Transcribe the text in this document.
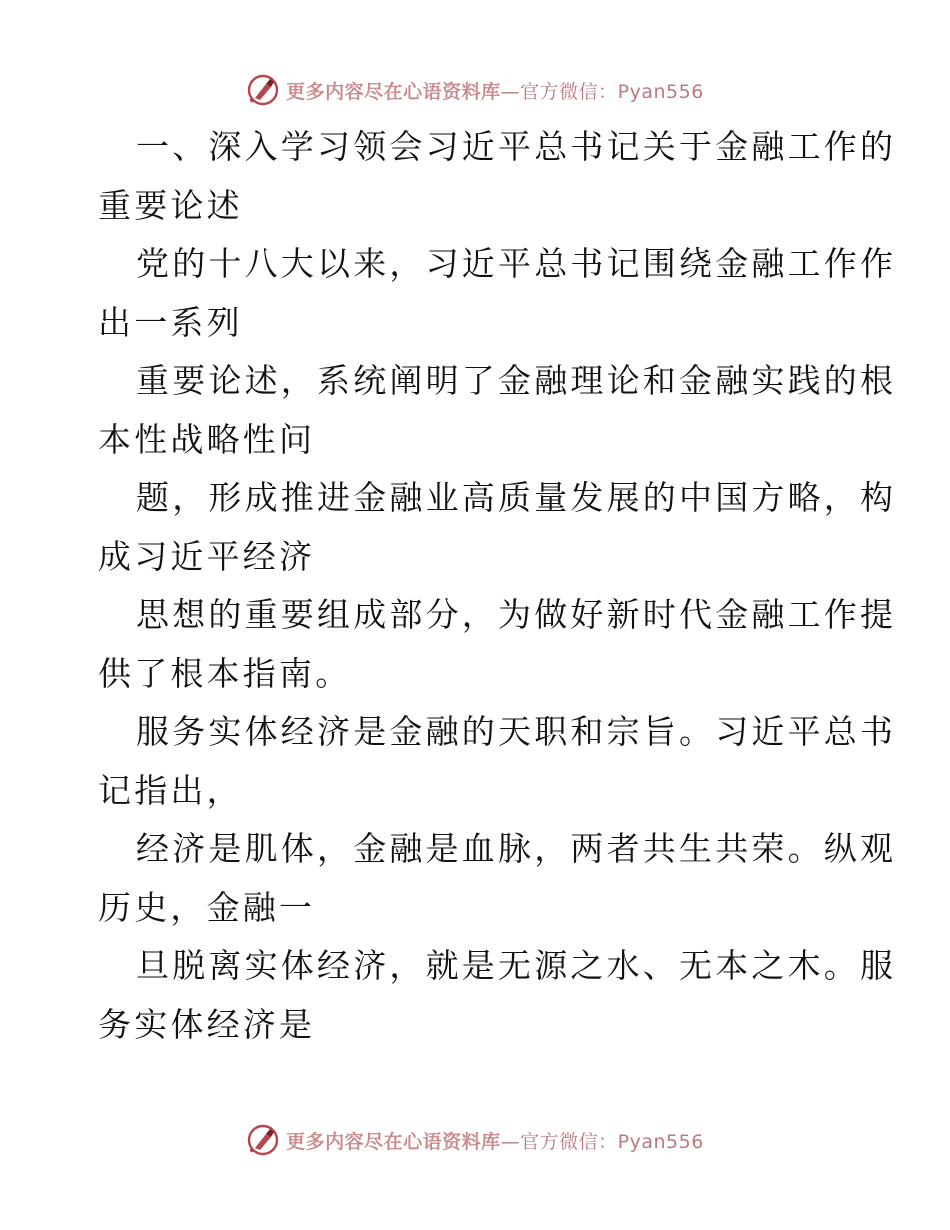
更多内容尽在心语资料库—官方微信：Pyan556

一、深入学习领会习近平总书记关于金融工作的
重要论述

党的十八大以来，习近平总书记围绕金融工作作
出一系列

重要论述，系统阐明了金融理论和金融实践的根
本性战略性问

题，形成推进金融业高质量发展的中国方略，构
成习近平经济

思想的重要组成部分，为做好新时代金融工作提
供了根本指南。

服务实体经济是金融的天职和宗旨。习近平总书
记指出，

经济是肌体，金融是血脉，两者共生共荣。纵观
历史，金融一

旦脱离实体经济，就是无源之水、无本之木。服
务实体经济是

更多内容尽在心语资料库—官方微信：Pyan556
